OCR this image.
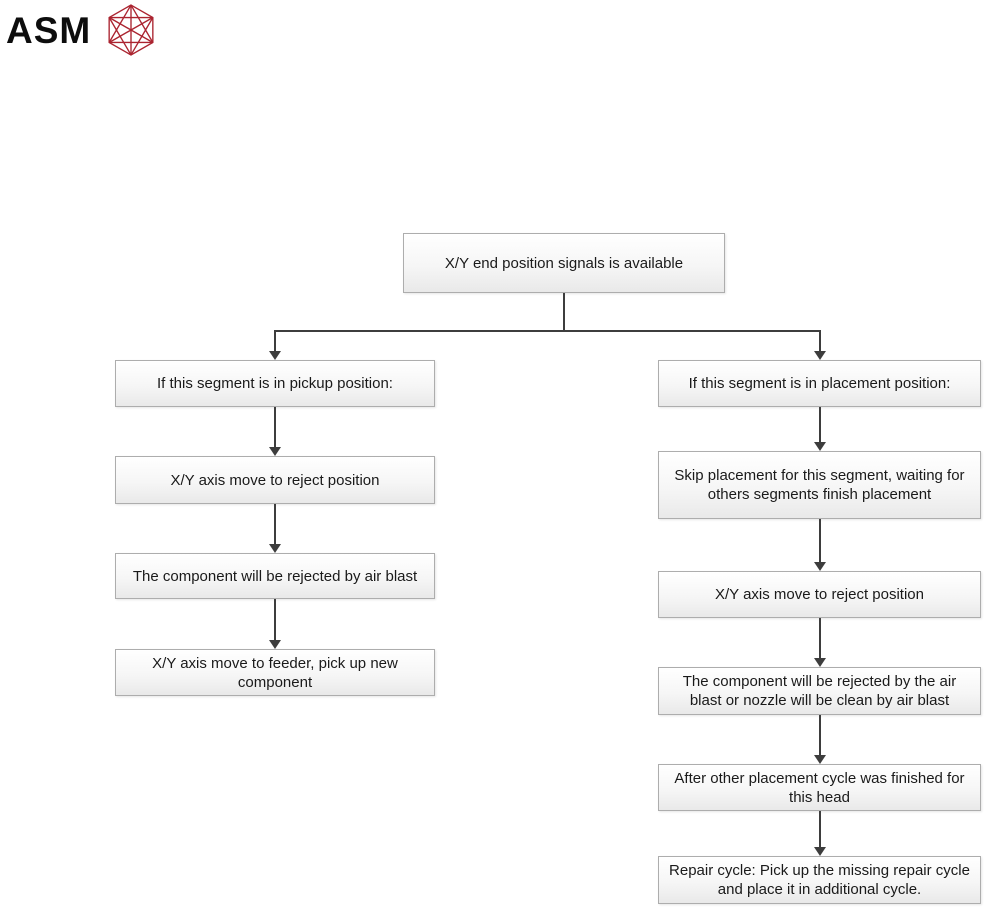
ASM
X/Y end position signals is available
If this segment is in pickup position:
X/Y axis move to reject position
The component will be rejected by air blast
X/Y axis move to feeder, pick up new component
If this segment is in placement position:
Skip placement for this segment, waiting for others segments finish placement
X/Y axis move to reject position
The component will be rejected by the air blast or nozzle will be clean by air blast
After other placement cycle was finished for this head
Repair cycle: Pick up the missing repair cycle and place it in additional cycle.
